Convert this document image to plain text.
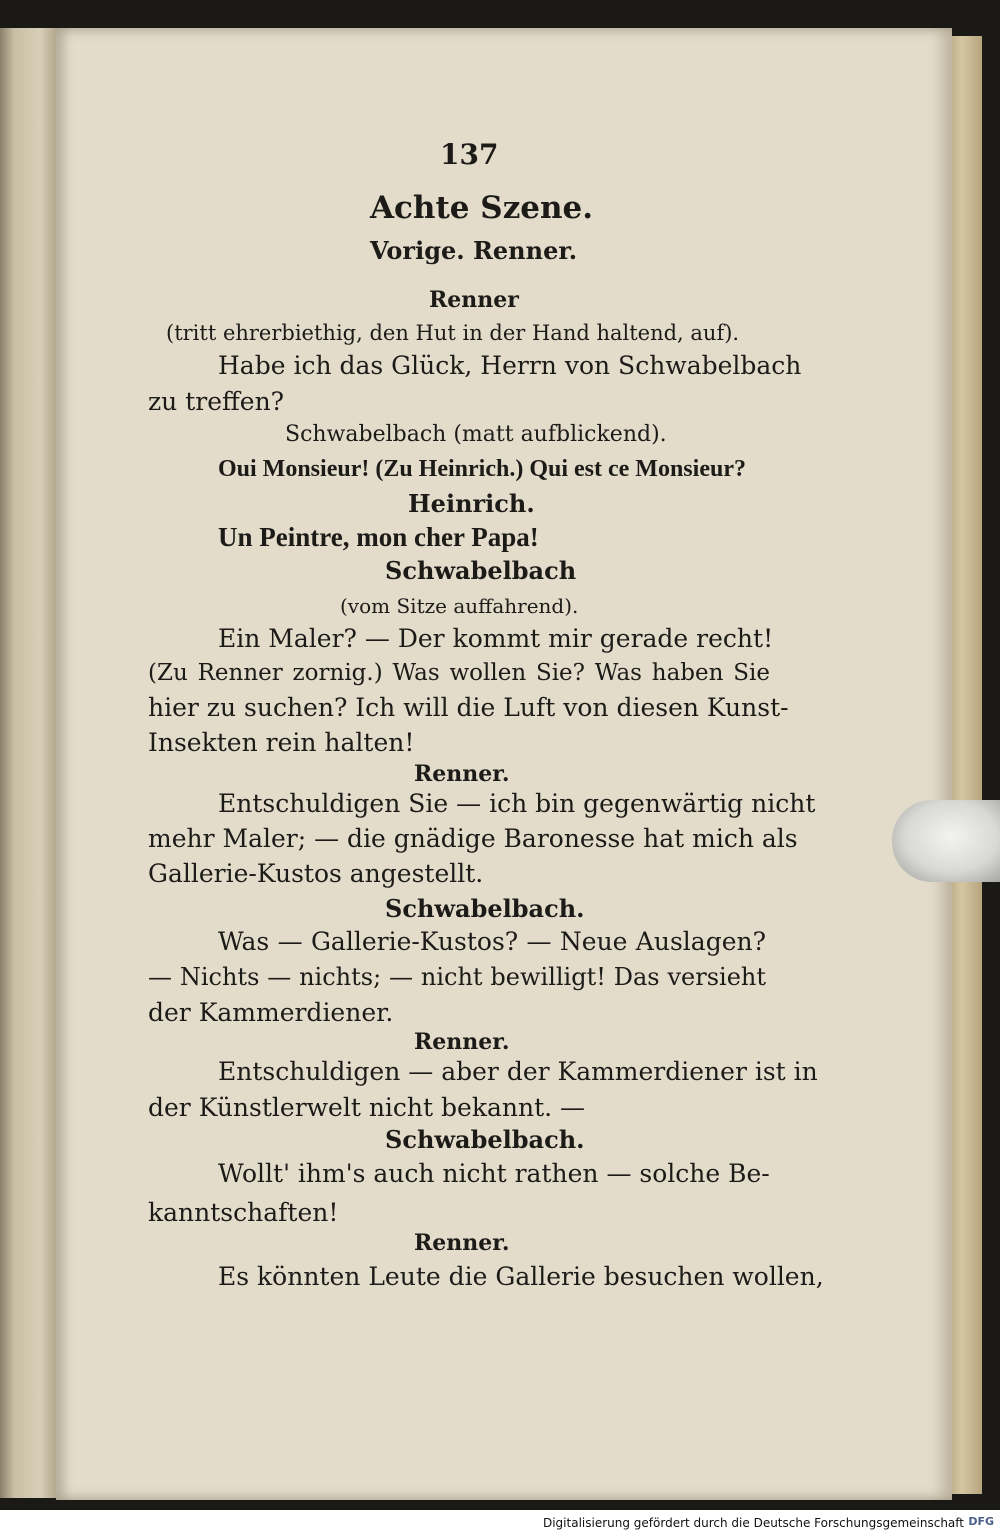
137

Achte Szene.

Vorige. Renner.

Renner

(tritt ehrerbiethig, den Hut in der Hand haltend, auf).

Habe ich das Glück, Herrn von Schwabelbach

zu treffen?

Schwabelbach (matt aufblickend).

Oui Monsieur! (Zu Heinrich.) Qui est ce Monsieur?

Heinrich.

Un Peintre, mon cher Papa!

Schwabelbach

(vom Sitze auffahrend).

Ein Maler? — Der kommt mir gerade recht!

(Zu Renner zornig.) Was wollen Sie? Was haben Sie

hier zu suchen? Ich will die Luft von diesen Kunst-

Insekten rein halten!

Renner.

Entschuldigen Sie — ich bin gegenwärtig nicht

mehr Maler; — die gnädige Baronesse hat mich als

Gallerie-Kustos angestellt.

Schwabelbach.

Was — Gallerie-Kustos? — Neue Auslagen?

— Nichts — nichts; — nicht bewilligt! Das versieht

der Kammerdiener.

Renner.

Entschuldigen — aber der Kammerdiener ist in

der Künstlerwelt nicht bekannt. —

Schwabelbach.

Wollt' ihm's auch nicht rathen — solche Be-

kanntschaften!

Renner.

Es könnten Leute die Gallerie besuchen wollen,

Digitalisierung gefördert durch die Deutsche Forschungsgemeinschaft DFG
